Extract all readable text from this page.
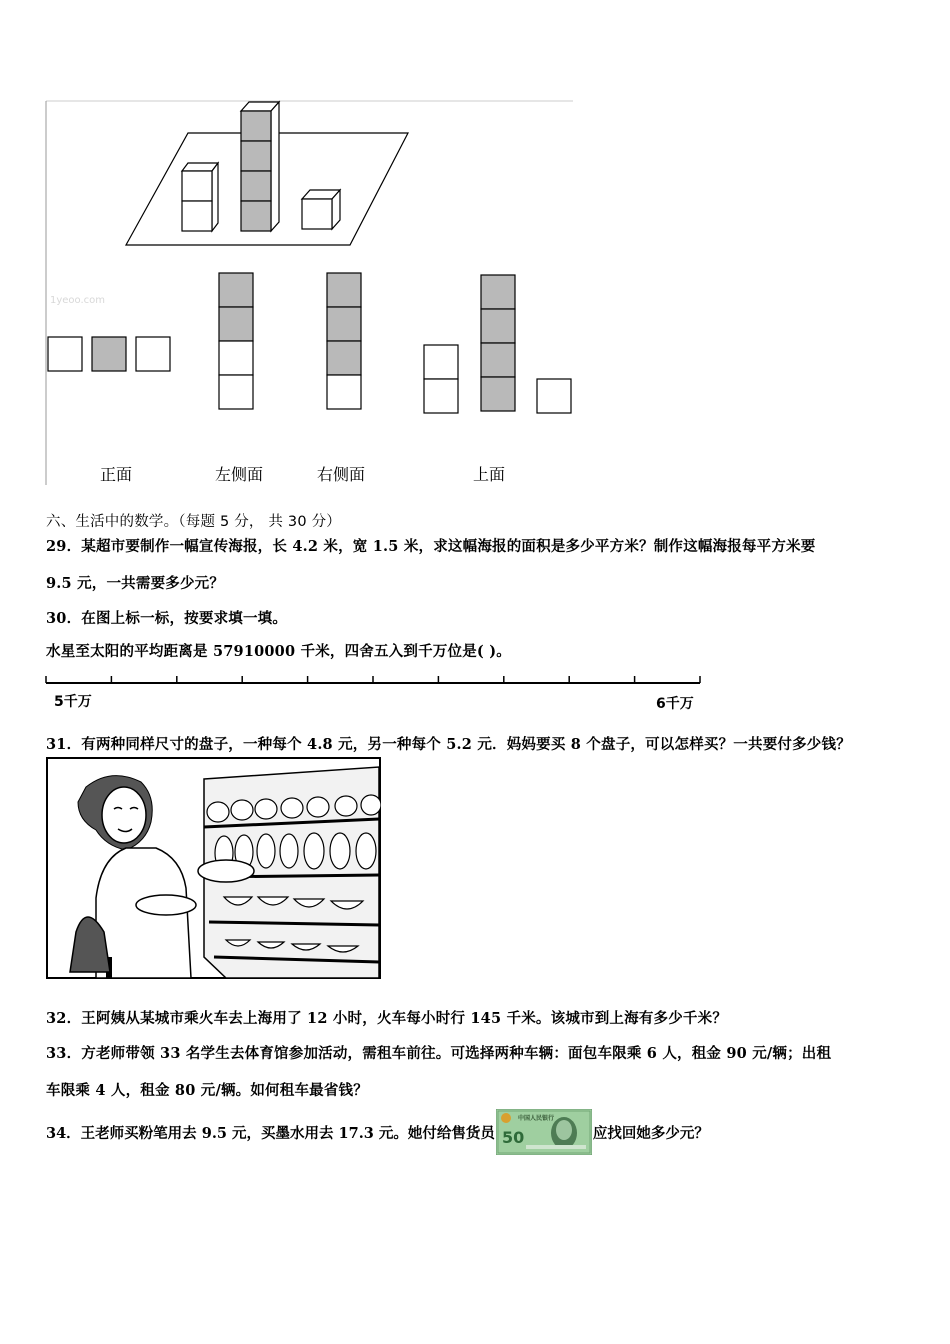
1yeoo.com
正面	左侧面	右侧面	上面
六、生活中的数学。（每题 5 分， 共 30 分）
29．某超市要制作一幅宣传海报，长 4.2 米，宽 1.5 米，求这幅海报的面积是多少平方米？制作这幅海报每平方米要
9.5 元，一共需要多少元？
30．在图上标一标，按要求填一填。
水星至太阳的平均距离是 57910000 千米，四舍五入到千万位是( )。
5千万	6千万
31．有两种同样尺寸的盘子，一种每个 4.8 元，另一种每个 5.2 元．妈妈要买 8 个盘子，可以怎样买？一共要付多少钱？
32．王阿姨从某城市乘火车去上海用了 12 小时，火车每小时行 145 千米。该城市到上海有多少千米？
33．方老师带领 33 名学生去体育馆参加活动，需租车前往。可选择两种车辆：面包车限乘 6 人，租金 90 元/辆；出租
车限乘 4 人，租金 80 元/辆。如何租车最省钱？
34．王老师买粉笔用去 9.5 元，买墨水用去 17.3 元。她付给售货员
中国人民银行
50	应找回她多少元？
